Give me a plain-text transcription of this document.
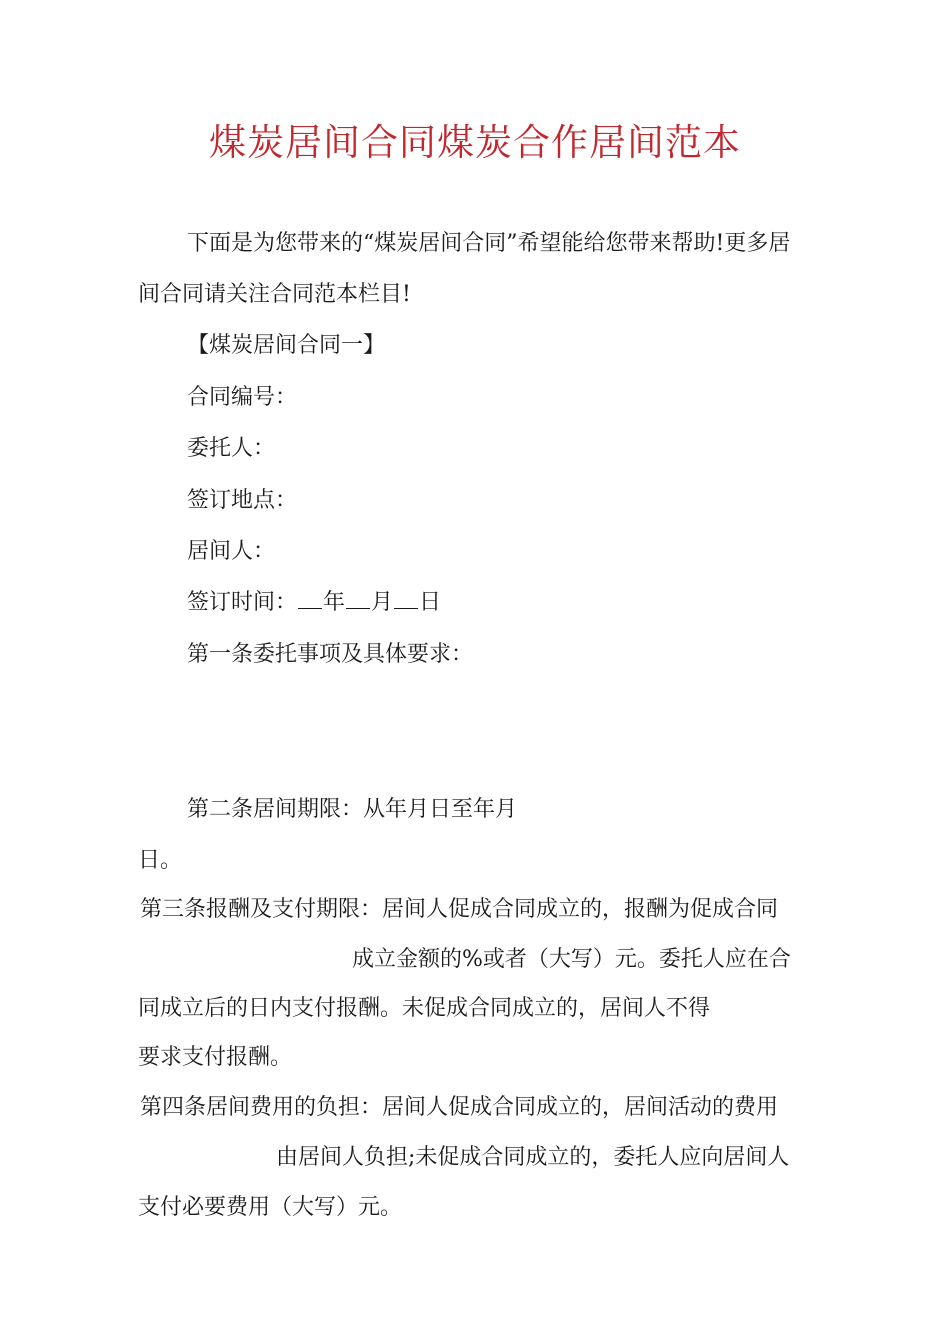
煤炭居间合同煤炭合作居间范本

下面是为您带来的“煤炭居间合同”希望能给您带来帮助!更多居

间合同请关注合同范本栏目!

【煤炭居间合同一】

合同编号：

委托人：

签订地点：

居间人：

签订时间： 年 月 日

第一条委托事项及具体要求：

第二条居间期限：从年月日至年月

日。

第三条报酬及支付期限：居间人促成合同成立的，报酬为促成合同

成立金额的%或者（大写）元。委托人应在合

同成立后的日内支付报酬。未促成合同成立的，居间人不得

要求支付报酬。

第四条居间费用的负担：居间人促成合同成立的，居间活动的费用

由居间人负担;未促成合同成立的，委托人应向居间人

支付必要费用（大写）元。
